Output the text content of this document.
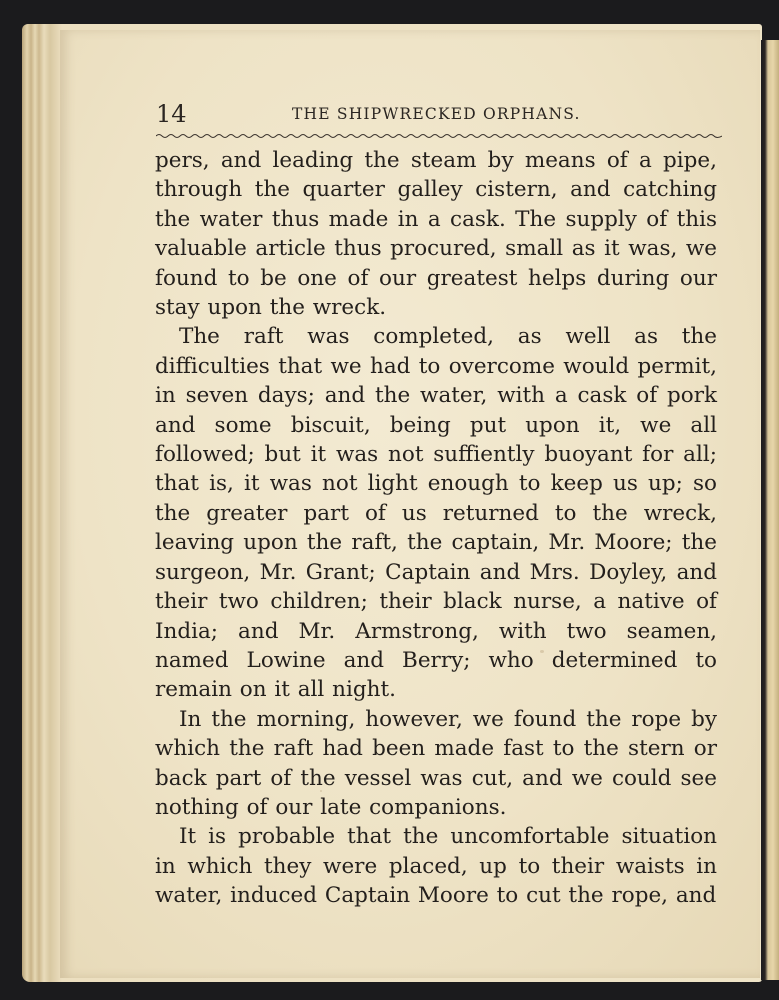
14	THE SHIPWRECKED ORPHANS.

pers, and leading the steam by means of a pipe, through the quarter galley cistern, and catching the water thus made in a cask. The supply of this valuable article thus procured, small as it was, we found to be one of our greatest helps during our stay upon the wreck.

The raft was completed, as well as the difficulties that we had to overcome would permit, in seven days; and the water, with a cask of pork and some biscuit, being put upon it, we all followed; but it was not suffiently buoyant for all; that is, it was not light enough to keep us up; so the greater part of us returned to the wreck, leaving upon the raft, the captain, Mr. Moore; the surgeon, Mr. Grant; Captain and Mrs. Doyley, and their two children; their black nurse, a native of India; and Mr. Armstrong, with two seamen, named Lowine and Berry; who determined to remain on it all night.

In the morning, however, we found the rope by which the raft had been made fast to the stern or back part of the vessel was cut, and we could see nothing of our late companions.

It is probable that the uncomfortable situation in which they were placed, up to their waists in water, induced Captain Moore to cut the rope, and
